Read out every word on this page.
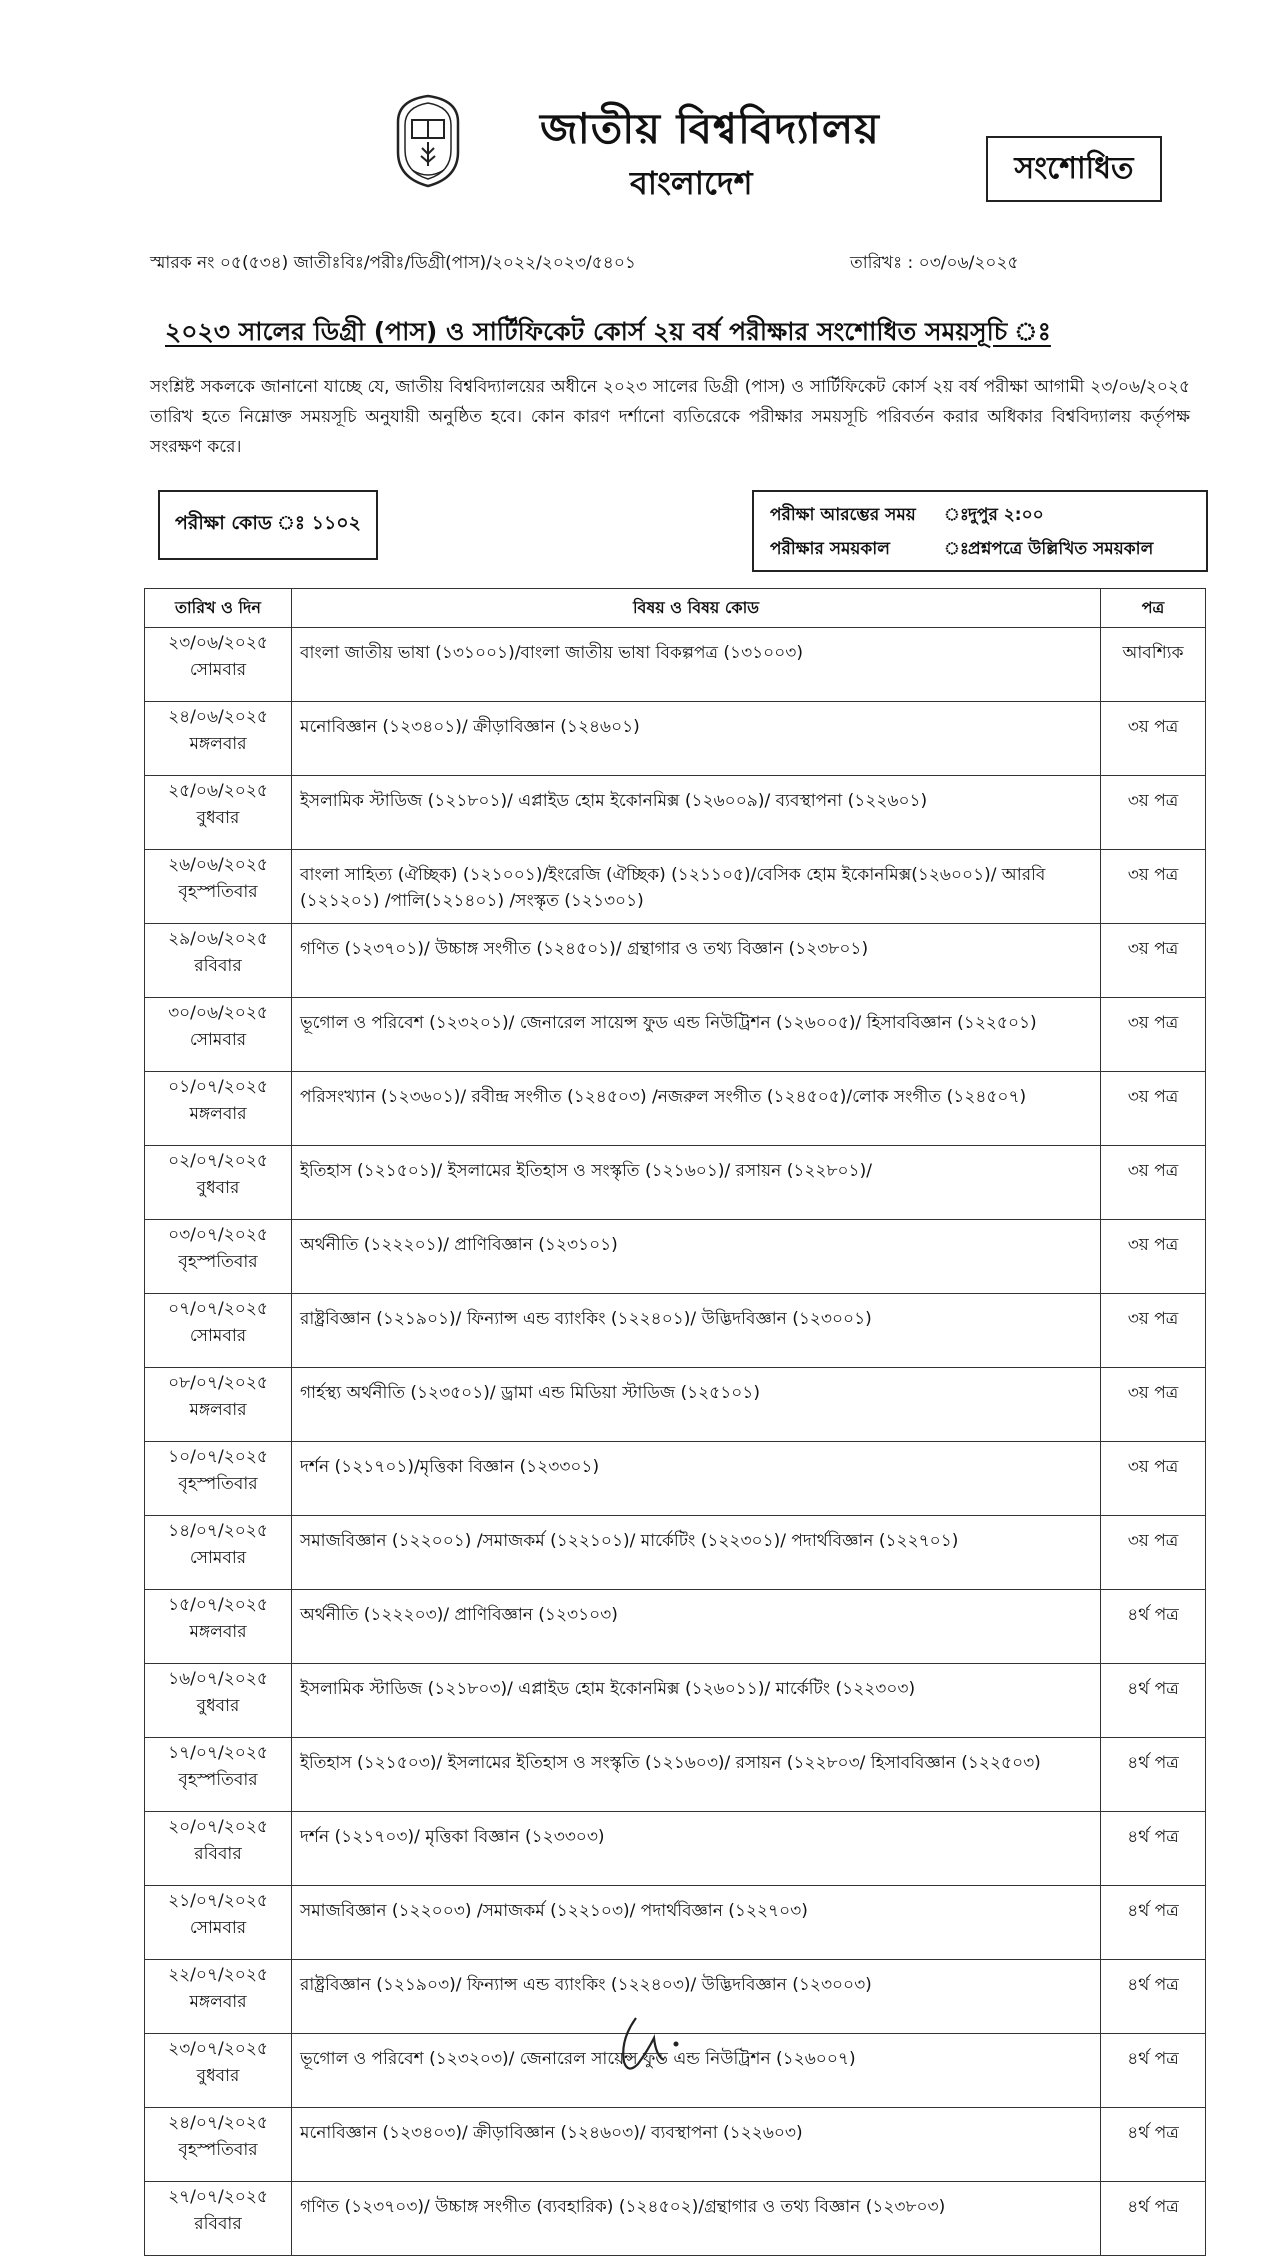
জাতীয় বিশ্ববিদ্যালয়
বাংলাদেশ	সংশোধিত
স্মারক নং ০৫(৫৩৪) জাতীঃবিঃ/পরীঃ/ডিগ্রী(পাস)/২০২২/২০২৩/৫৪০১	তারিখঃ : ০৩/০৬/২০২৫
২০২৩ সালের ডিগ্রী (পাস) ও সার্টিফিকেট কোর্স ২য় বর্ষ পরীক্ষার সংশোধিত সময়সূচি ঃ
সংশ্লিষ্ট সকলকে জানানো যাচ্ছে যে, জাতীয় বিশ্ববিদ্যালয়ের অধীনে ২০২৩ সালের ডিগ্রী (পাস) ও সার্টিফিকেট কোর্স ২য় বর্ষ পরীক্ষা আগামী ২৩/০৬/২০২৫ তারিখ হতে নিম্নোক্ত সময়সূচি অনুযায়ী অনুষ্ঠিত হবে। কোন কারণ দর্শানো ব্যতিরেকে পরীক্ষার সময়সূচি পরিবর্তন করার অধিকার বিশ্ববিদ্যালয় কর্তৃপক্ষ সংরক্ষণ করে।
পরীক্ষা কোড ঃ ১১০২	পরীক্ষা আরম্ভের সময়	ঃ দুপুর ২:০০
পরীক্ষার সময়কাল	ঃ প্রশ্নপত্রে উল্লিখিত সময়কাল
তারিখ ও দিন	বিষয় ও বিষয় কোড	পত্র

২৩/০৬/২০২৫
সোমবার	বাংলা জাতীয় ভাষা (১৩১০০১)/বাংলা জাতীয় ভাষা বিকল্পপত্র (১৩১০০৩)	আবশ্যিক

২৪/০৬/২০২৫
মঙ্গলবার	মনোবিজ্ঞান (১২৩৪০১)/ ক্রীড়াবিজ্ঞান (১২৪৬০১)	৩য় পত্র

২৫/০৬/২০২৫
বুধবার	ইসলামিক স্টাডিজ (১২১৮০১)/ এপ্লাইড হোম ইকোনমিক্স (১২৬০০৯)/ ব্যবস্থাপনা (১২২৬০১)	৩য় পত্র

২৬/০৬/২০২৫
বৃহস্পতিবার	বাংলা সাহিত্য (ঐচ্ছিক) (১২১০০১)/ইংরেজি (ঐচ্ছিক) (১২১১০৫)/বেসিক হোম ইকোনমিক্স(১২৬০০১)/ আরবি (১২১২০১) /পালি(১২১৪০১) /সংস্কৃত (১২১৩০১)	৩য় পত্র

২৯/০৬/২০২৫
রবিবার	গণিত (১২৩৭০১)/ উচ্চাঙ্গ সংগীত (১২৪৫০১)/ গ্রন্থাগার ও তথ্য বিজ্ঞান (১২৩৮০১)	৩য় পত্র

৩০/০৬/২০২৫
সোমবার	ভূগোল ও পরিবেশ (১২৩২০১)/ জেনারেল সায়েন্স ফুড এন্ড নিউট্রিশন (১২৬০০৫)/ হিসাববিজ্ঞান (১২২৫০১)	৩য় পত্র

০১/০৭/২০২৫
মঙ্গলবার	পরিসংখ্যান (১২৩৬০১)/ রবীন্দ্র সংগীত (১২৪৫০৩) /নজরুল সংগীত (১২৪৫০৫)/লোক সংগীত (১২৪৫০৭)	৩য় পত্র

০২/০৭/২০২৫
বুধবার	ইতিহাস (১২১৫০১)/ ইসলামের ইতিহাস ও সংস্কৃতি (১২১৬০১)/ রসায়ন (১২২৮০১)/	৩য় পত্র

০৩/০৭/২০২৫
বৃহস্পতিবার	অর্থনীতি (১২২২০১)/ প্রাণিবিজ্ঞান (১২৩১০১)	৩য় পত্র

০৭/০৭/২০২৫
সোমবার	রাষ্ট্রবিজ্ঞান (১২১৯০১)/ ফিন্যান্স এন্ড ব্যাংকিং (১২২৪০১)/ উদ্ভিদবিজ্ঞান (১২৩০০১)	৩য় পত্র

০৮/০৭/২০২৫
মঙ্গলবার	গার্হস্থ্য অর্থনীতি (১২৩৫০১)/ ড্রামা এন্ড মিডিয়া স্টাডিজ (১২৫১০১)	৩য় পত্র

১০/০৭/২০২৫
বৃহস্পতিবার	দর্শন (১২১৭০১)/মৃত্তিকা বিজ্ঞান (১২৩৩০১)	৩য় পত্র

১৪/০৭/২০২৫
সোমবার	সমাজবিজ্ঞান (১২২০০১) /সমাজকর্ম (১২২১০১)/ মার্কেটিং (১২২৩০১)/ পদার্থবিজ্ঞান (১২২৭০১)	৩য় পত্র

১৫/০৭/২০২৫
মঙ্গলবার	অর্থনীতি (১২২২০৩)/ প্রাণিবিজ্ঞান (১২৩১০৩)	৪র্থ পত্র

১৬/০৭/২০২৫
বুধবার	ইসলামিক স্টাডিজ (১২১৮০৩)/ এপ্লাইড হোম ইকোনমিক্স (১২৬০১১)/ মার্কেটিং (১২২৩০৩)	৪র্থ পত্র

১৭/০৭/২০২৫
বৃহস্পতিবার	ইতিহাস (১২১৫০৩)/ ইসলামের ইতিহাস ও সংস্কৃতি (১২১৬০৩)/ রসায়ন (১২২৮০৩/ হিসাববিজ্ঞান (১২২৫০৩)	৪র্থ পত্র

২০/০৭/২০২৫
রবিবার	দর্শন (১২১৭০৩)/ মৃত্তিকা বিজ্ঞান (১২৩৩০৩)	৪র্থ পত্র

২১/০৭/২০২৫
সোমবার	সমাজবিজ্ঞান (১২২০০৩) /সমাজকর্ম (১২২১০৩)/ পদার্থবিজ্ঞান (১২২৭০৩)	৪র্থ পত্র

২২/০৭/২০২৫
মঙ্গলবার	রাষ্ট্রবিজ্ঞান (১২১৯০৩)/ ফিন্যান্স এন্ড ব্যাংকিং (১২২৪০৩)/ উদ্ভিদবিজ্ঞান (১২৩০০৩)	৪র্থ পত্র

২৩/০৭/২০২৫
বুধবার	ভূগোল ও পরিবেশ (১২৩২০৩)/ জেনারেল সায়েন্স ফুড এন্ড নিউট্রিশন (১২৬০০৭)	৪র্থ পত্র

২৪/০৭/২০২৫
বৃহস্পতিবার	মনোবিজ্ঞান (১২৩৪০৩)/ ক্রীড়াবিজ্ঞান (১২৪৬০৩)/ ব্যবস্থাপনা (১২২৬০৩)	৪র্থ পত্র

২৭/০৭/২০২৫
রবিবার	গণিত (১২৩৭০৩)/ উচ্চাঙ্গ সংগীত (ব্যবহারিক) (১২৪৫০২)/গ্রন্থাগার ও তথ্য বিজ্ঞান (১২৩৮০৩)	৪র্থ পত্র
